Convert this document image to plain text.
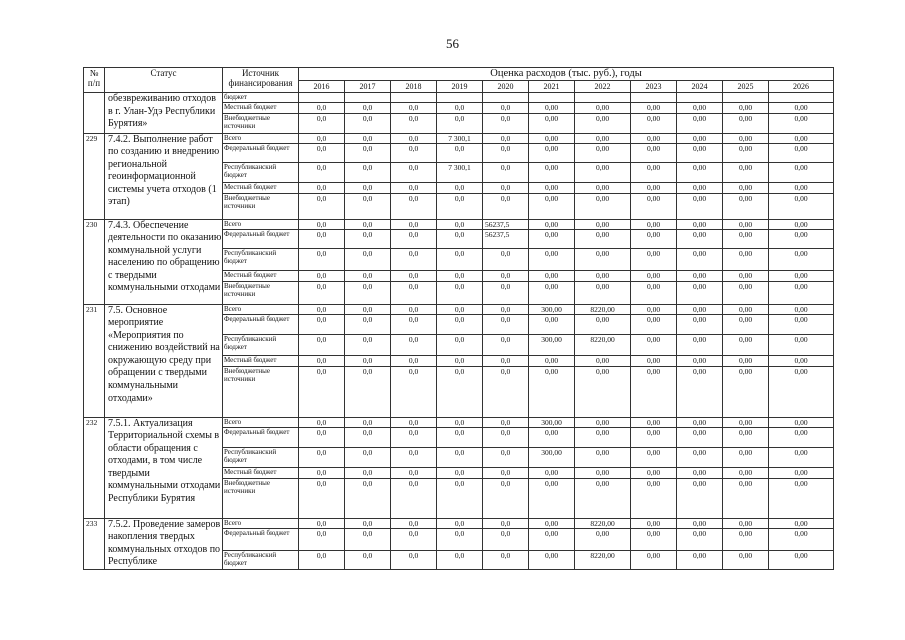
56
№
п/п	Статус	Источник финансирования	Оценка расходов (тыс. руб.), годы										
			2016	2017	2018	2019	2020	2021	2022	2023	2024	2025	2026
	обезвреживанию отходов в г. Улан-Удэ Республики Бурятия»	бюджет											
		Местный бюджет	0,0	0,0	0,0	0,0	0,0	0,00	0,00	0,00	0,00	0,00	0,00
		Внебюджетные источники	0,0	0,0	0,0	0,0	0,0	0,00	0,00	0,00	0,00	0,00	0,00
229	7.4.2. Выполнение работ по созданию и внедрению региональной геоинформационной системы учета отходов (1 этап)	Всего	0,0	0,0	0,0	7 300,1	0,0	0,00	0,00	0,00	0,00	0,00	0,00
		Федеральный бюджет	0,0	0,0	0,0	0,0	0,0	0,00	0,00	0,00	0,00	0,00	0,00
		Республиканский бюджет	0,0	0,0	0,0	7 300,1	0,0	0,00	0,00	0,00	0,00	0,00	0,00
		Местный бюджет	0,0	0,0	0,0	0,0	0,0	0,00	0,00	0,00	0,00	0,00	0,00
		Внебюджетные источники	0,0	0,0	0,0	0,0	0,0	0,00	0,00	0,00	0,00	0,00	0,00
230	7.4.3. Обеспечение деятельности по оказанию коммунальной услуги населению по обращению с твердыми коммунальными отходами	Всего	0,0	0,0	0,0	0,0	56237,5	0,00	0,00	0,00	0,00	0,00	0,00
		Федеральный бюджет	0,0	0,0	0,0	0,0	56237,5	0,00	0,00	0,00	0,00	0,00	0,00
		Республиканский бюджет	0,0	0,0	0,0	0,0	0,0	0,00	0,00	0,00	0,00	0,00	0,00
		Местный бюджет	0,0	0,0	0,0	0,0	0,0	0,00	0,00	0,00	0,00	0,00	0,00
		Внебюджетные источники	0,0	0,0	0,0	0,0	0,0	0,00	0,00	0,00	0,00	0,00	0,00
231	7.5. Основное мероприятие «Мероприятия по снижению воздействий на окружающую среду при обращении с твердыми коммунальными отходами»	Всего	0,0	0,0	0,0	0,0	0,0	300,00	8220,00	0,00	0,00	0,00	0,00
		Федеральный бюджет	0,0	0,0	0,0	0,0	0,0	0,00	0,00	0,00	0,00	0,00	0,00
		Республиканский бюджет	0,0	0,0	0,0	0,0	0,0	300,00	8220,00	0,00	0,00	0,00	0,00
		Местный бюджет	0,0	0,0	0,0	0,0	0,0	0,00	0,00	0,00	0,00	0,00	0,00
		Внебюджетные источники	0,0	0,0	0,0	0,0	0,0	0,00	0,00	0,00	0,00	0,00	0,00
232	7.5.1. Актуализация Территориальной схемы в области обращения с отходами, в том числе твердыми коммунальными отходами Республики Бурятия	Всего	0,0	0,0	0,0	0,0	0,0	300,00	0,00	0,00	0,00	0,00	0,00
		Федеральный бюджет	0,0	0,0	0,0	0,0	0,0	0,00	0,00	0,00	0,00	0,00	0,00
		Республиканский бюджет	0,0	0,0	0,0	0,0	0,0	300,00	0,00	0,00	0,00	0,00	0,00
		Местный бюджет	0,0	0,0	0,0	0,0	0,0	0,00	0,00	0,00	0,00	0,00	0,00
		Внебюджетные источники	0,0	0,0	0,0	0,0	0,0	0,00	0,00	0,00	0,00	0,00	0,00
233	7.5.2. Проведение замеров накопления твердых коммунальных отходов по Республике	Всего	0,0	0,0	0,0	0,0	0,0	0,00	8220,00	0,00	0,00	0,00	0,00
		Федеральный бюджет	0,0	0,0	0,0	0,0	0,0	0,00	0,00	0,00	0,00	0,00	0,00
		Республиканский бюджет	0,0	0,0	0,0	0,0	0,0	0,00	8220,00	0,00	0,00	0,00	0,00
